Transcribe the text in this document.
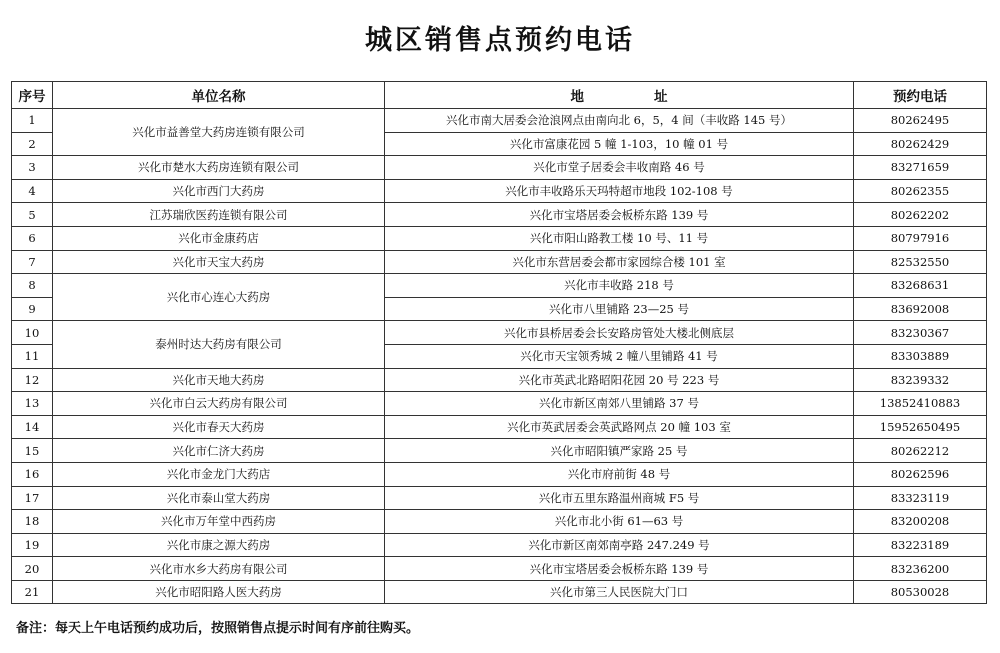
城区销售点预约电话
序号	单位名称	地 址	预约电话
1	兴化市益善堂大药房连锁有限公司	兴化市南大居委会沧浪网点由南向北 6，5，4 间（丰收路 145 号）	80262495
2		兴化市富康花园 5 幢 1-103，10 幢 01 号	80262429
3	兴化市楚水大药房连锁有限公司	兴化市堂子居委会丰收南路 46 号	83271659
4	兴化市西门大药房	兴化市丰收路乐天玛特超市地段 102-108 号	80262355
5	江苏瑞欣医药连锁有限公司	兴化市宝塔居委会板桥东路 139 号	80262202
6	兴化市金康药店	兴化市阳山路教工楼 10 号、11 号	80797916
7	兴化市天宝大药房	兴化市东营居委会都市家园综合楼 101 室	82532550
8	兴化市心连心大药房	兴化市丰收路 218 号	83268631
9		兴化市八里铺路 23—25 号	83692008
10	泰州时达大药房有限公司	兴化市县桥居委会长安路房管处大楼北侧底层	83230367
11		兴化市天宝领秀城 2 幢八里铺路 41 号	83303889
12	兴化市天地大药房	兴化市英武北路昭阳花园 20 号 223 号	83239332
13	兴化市白云大药房有限公司	兴化市新区南郊八里铺路 37 号	13852410883
14	兴化市春天大药房	兴化市英武居委会英武路网点 20 幢 103 室	15952650495
15	兴化市仁济大药房	兴化市昭阳镇严家路 25 号	80262212
16	兴化市金龙门大药店	兴化市府前街 48 号	80262596
17	兴化市泰山堂大药房	兴化市五里东路温州商城 F5 号	83323119
18	兴化市万年堂中西药房	兴化市北小街 61—63 号	83200208
19	兴化市康之源大药房	兴化市新区南郊南亭路 247.249 号	83223189
20	兴化市水乡大药房有限公司	兴化市宝塔居委会板桥东路 139 号	83236200
21	兴化市昭阳路人医大药房	兴化市第三人民医院大门口	80530028
备注：每天上午电话预约成功后，按照销售点提示时间有序前往购买。
